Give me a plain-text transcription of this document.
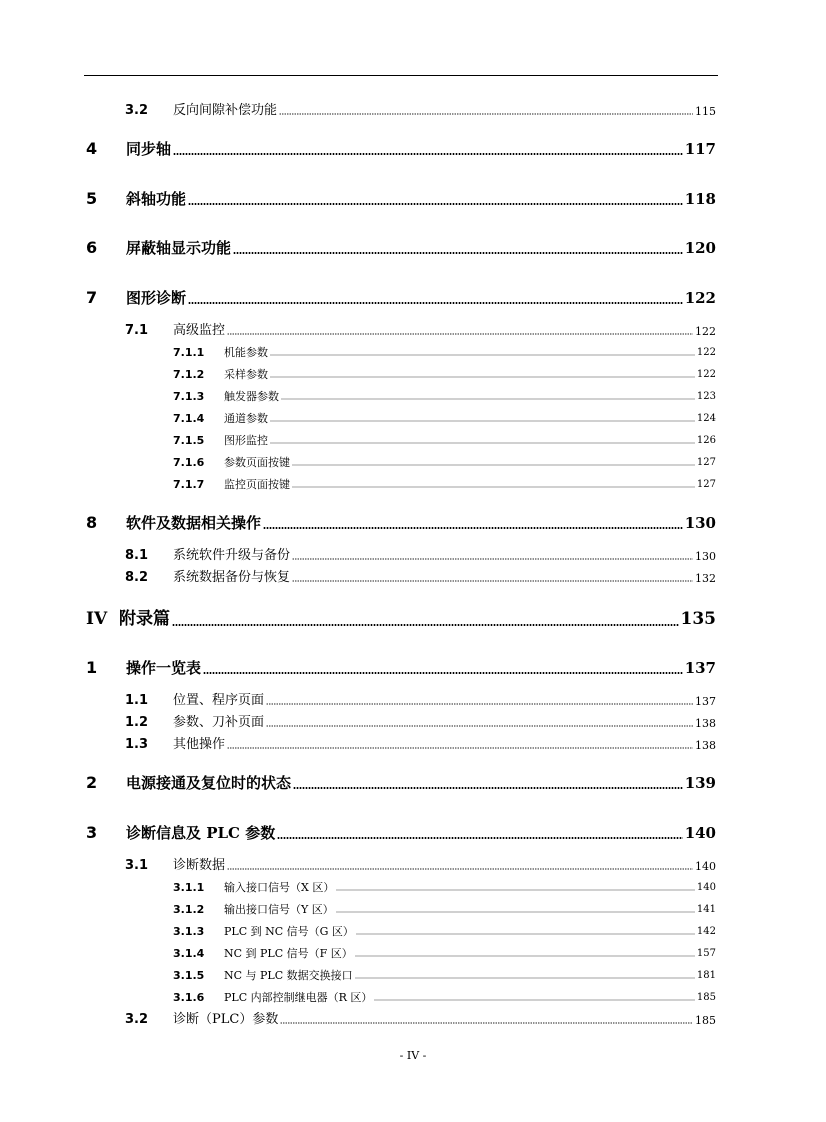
3.2	反向间隙补偿功能	115
4	同步轴	117
5	斜轴功能	118
6	屏蔽轴显示功能	120
7	图形诊断	122
7.1	高级监控	122
7.1.1	机能参数	122
7.1.2	采样参数	122
7.1.3	触发器参数	123
7.1.4	通道参数	124
7.1.5	图形监控	126
7.1.6	参数页面按键	127
7.1.7	监控页面按键	127
8	软件及数据相关操作	130
8.1	系统软件升级与备份	130
8.2	系统数据备份与恢复	132
IV 附录篇	135
1	操作一览表	137
1.1	位置、程序页面	137
1.2	参数、刀补页面	138
1.3	其他操作	138
2	电源接通及复位时的状态	139
3	诊断信息及 PLC 参数	140
3.1	诊断数据	140
3.1.1	输入接口信号（X 区）	140
3.1.2	输出接口信号（Y 区）	141
3.1.3	PLC 到 NC 信号（G 区）	142
3.1.4	NC 到 PLC 信号（F 区）	157
3.1.5	NC 与 PLC 数据交换接口	181
3.1.6	PLC 内部控制继电器（R 区）	185
3.2	诊断（PLC）参数	185
- IV -
